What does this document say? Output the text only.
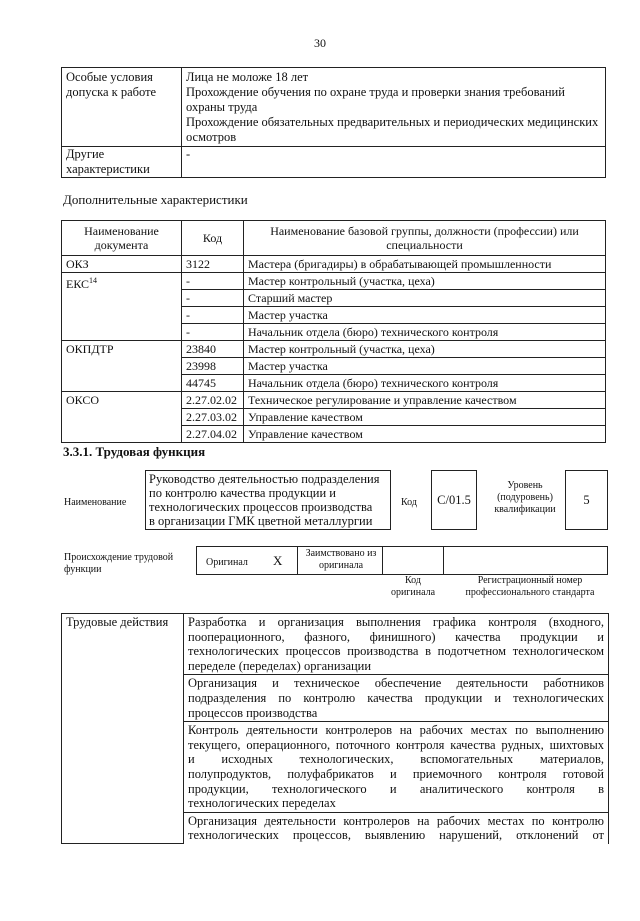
30
Особые условия допуска к работе	Лица не моложе 18 лет
Прохождение обучения по охране труда и проверки знания требований охраны труда
Прохождение обязательных предварительных и периодических медицинских осмотров

Другие характеристики	-
Дополнительные характеристики
Наименование документа	Код	Наименование базовой группы, должности (профессии) или специальности
ОКЗ	3122	Мастера (бригадиры) в обрабатывающей промышленности
ЕКС$^{14}$	-	Мастер контрольный (участка, цеха)
	-	Старший мастер
	-	Мастер участка
	-	Начальник отдела (бюро) технического контроля
ОКПДТР	23840	Мастер контрольный (участка, цеха)
	23998	Мастер участка
	44745	Начальник отдела (бюро) технического контроля
ОКСО	2.27.02.02	Техническое регулирование и управление качеством
	2.27.03.02	Управление качеством
	2.27.04.02	Управление качеством
3.3.1. Трудовая функция
Наименование
Руководство деятельностью подразделения
по контролю качества продукции и
технологических процессов производства
в организации ГМК цветной металлургии
Код C/01.5
Уровень (подуровень) квалификации
5
Происхождение трудовой функции
Оригинал X	Заимствовано из оригинала
Код оригинала
Регистрационный номер профессионального стандарта
Трудовые действия	Разработка и организация выполнения графика контроля (входного,
пооперационного, фазного, финишного) качества продукции и
технологических процессов производства в подотчетном технологическом
переделе (переделах) организации

Организация и техническое обеспечение деятельности работников
подразделения по контролю качества продукции и технологических
процессов производства

Контроль деятельности контролеров на рабочих местах по выполнению
текущего, операционного, поточного контроля качества рудных, шихтовых
и исходных технологических, вспомогательных материалов,
полупродуктов, полуфабрикатов и приемочного контроля готовой
продукции, технологического и аналитического контроля в
технологических переделах

Организация деятельности контролеров на рабочих местах по контролю
технологических процессов, выявлению нарушений, отклонений от
